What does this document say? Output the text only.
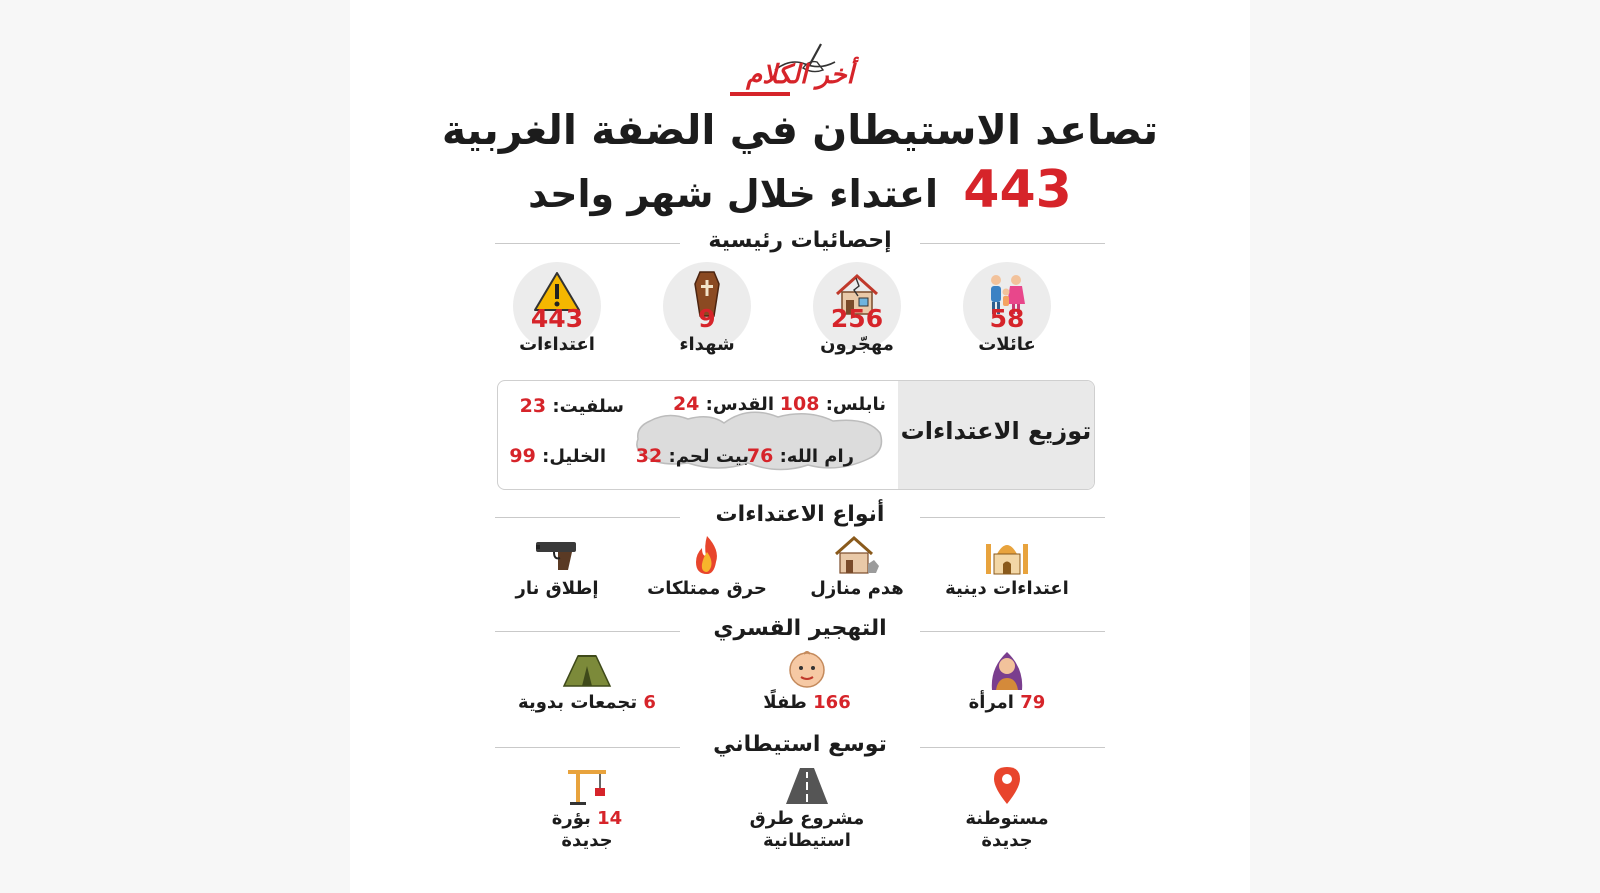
أخر الكلام
تصاعد الاستيطان في الضفة الغربية
443 اعتداء خلال شهر واحد
إحصائيات رئيسية
58
عائلات
256
مهجّرون
9
شهداء
443
اعتداءات
توزيع الاعتداءات
نابلس: 108
القدس: 24
سلفيت: 23
رام الله: 76
بيت لحم: 32
الخليل: 99
أنواع الاعتداءات
اعتداءات دينية
هدم منازل
حرق ممتلكات
إطلاق نار
التهجير القسري
79 امرأة
166 طفلًا
6 تجمعات بدوية
توسع استيطاني
مستوطنة
جديدة
مشروع طرق
استيطانية
14 بؤرة
جديدة
